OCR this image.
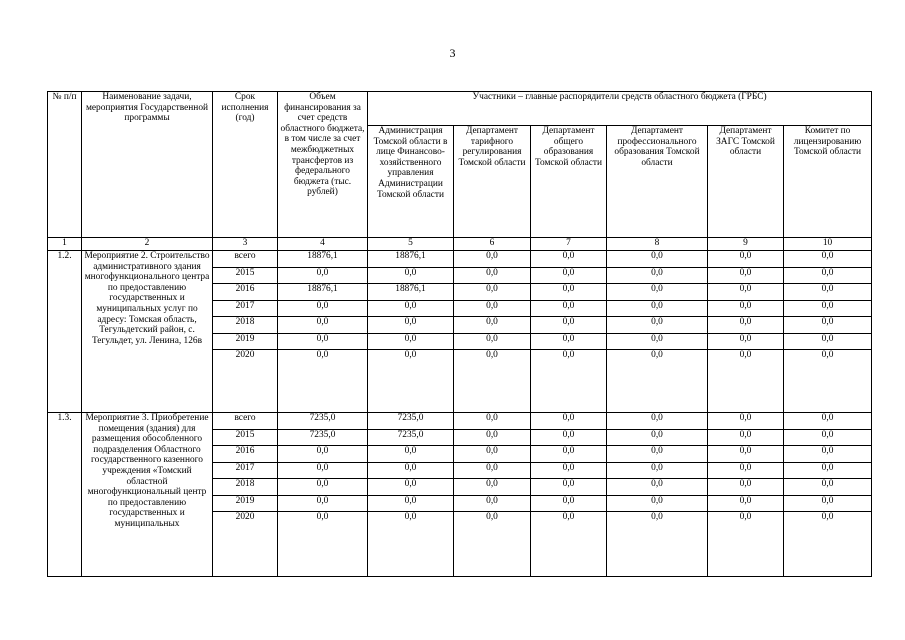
3
№ п/п	Наименование задачи, мероприятия Государственной программы	Срок исполнения (год)	Объем финансирования за счет средств областного бюджета, в том числе за счет межбюджетных трансфертов из федерального бюджета (тыс. рублей)	Участники – главные распорядители средств областного бюджета (ГРБС)					
				Администрация Томской области в лице Финансово-хозяйственного управления Администрации Томской области	Департамент тарифного регулирования Томской области	Департамент общего образования Томской области	Департамент профессионального образования Томской области	Департамент ЗАГС Томской области	Комитет по лицензированию Томской области
1	2	3	4	5	6	7	8	9	10
1.2.	Мероприятие 2. Строительство административного здания многофункционального центра по предоставлению государственных и муниципальных услуг по адресу: Томская область, Тегульдетский район, с. Тегульдет, ул. Ленина, 126в	всего	18876,1	18876,1	0,0	0,0	0,0	0,0	0,0
		2015	0,0	0,0	0,0	0,0	0,0	0,0	0,0
		2016	18876,1	18876,1	0,0	0,0	0,0	0,0	0,0
		2017	0,0	0,0	0,0	0,0	0,0	0,0	0,0
		2018	0,0	0,0	0,0	0,0	0,0	0,0	0,0
		2019	0,0	0,0	0,0	0,0	0,0	0,0	0,0
		2020	0,0	0,0	0,0	0,0	0,0	0,0	0,0
1.3.	Мероприятие 3. Приобретение помещения (здания) для размещения обособленного подразделения Областного государственного казенного учреждения «Томский областной многофункциональный центр по предоставлению государственных и муниципальных	всего	7235,0	7235,0	0,0	0,0	0,0	0,0	0,0
		2015	7235,0	7235,0	0,0	0,0	0,0	0,0	0,0
		2016	0,0	0,0	0,0	0,0	0,0	0,0	0,0
		2017	0,0	0,0	0,0	0,0	0,0	0,0	0,0
		2018	0,0	0,0	0,0	0,0	0,0	0,0	0,0
		2019	0,0	0,0	0,0	0,0	0,0	0,0	0,0
		2020	0,0	0,0	0,0	0,0	0,0	0,0	0,0
